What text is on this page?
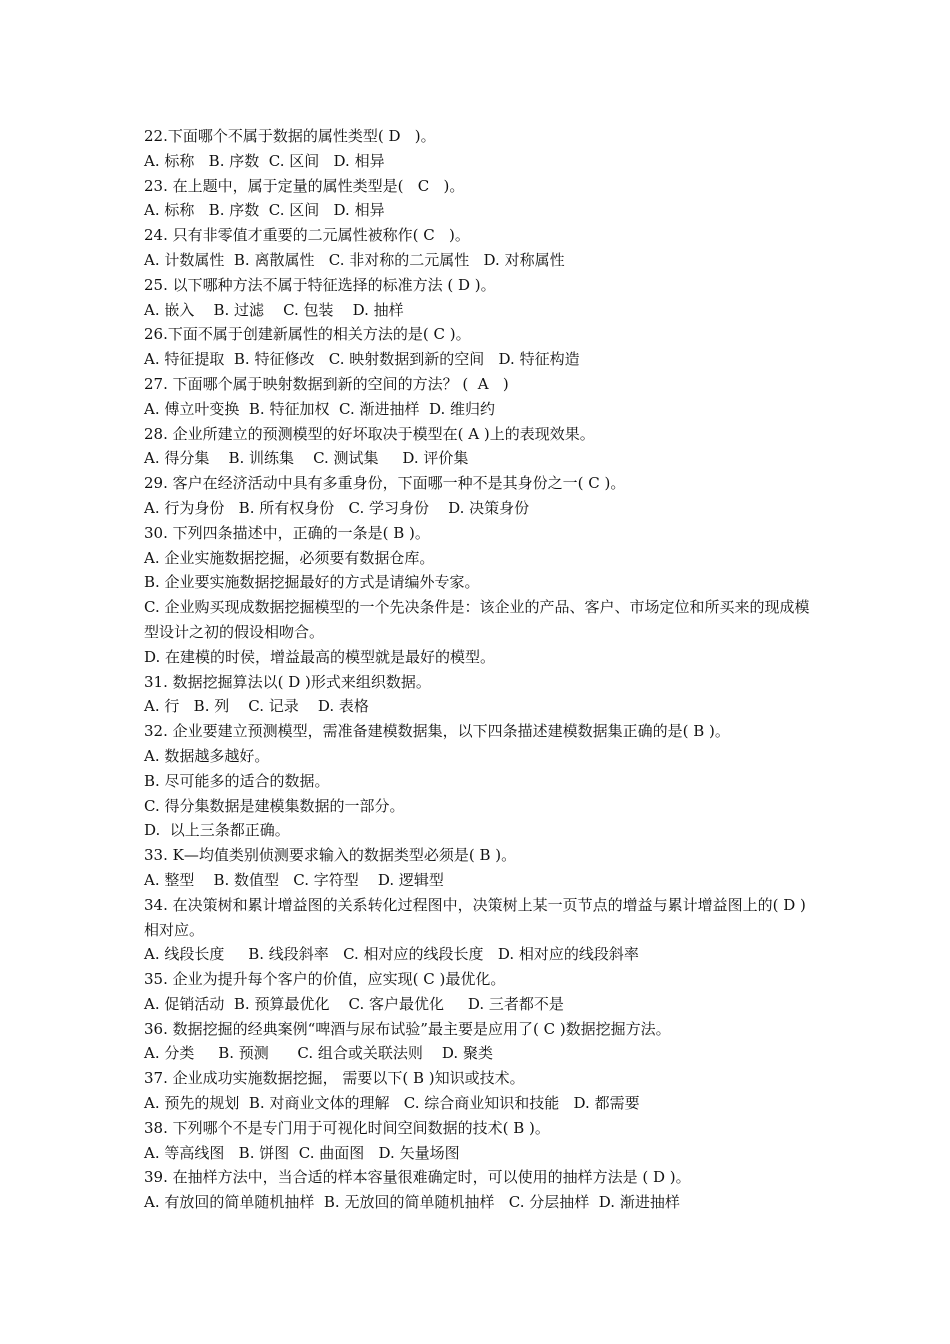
22.下面哪个不属于数据的属性类型( D   )。

A. 标称   B. 序数  C. 区间   D. 相异

23. 在上题中，属于定量的属性类型是(   C   )。

A. 标称   B. 序数  C. 区间   D. 相异

24. 只有非零值才重要的二元属性被称作( C   )。

A. 计数属性  B. 离散属性   C. 非对称的二元属性   D. 对称属性

25. 以下哪种方法不属于特征选择的标准方法 ( D )。

A. 嵌入    B. 过滤    C. 包装    D. 抽样

26.下面不属于创建新属性的相关方法的是( C )。

A. 特征提取  B. 特征修改   C. 映射数据到新的空间   D. 特征构造

27. 下面哪个属于映射数据到新的空间的方法？ (  A   )

A. 傅立叶变换  B. 特征加权  C. 渐进抽样  D. 维归约

28. 企业所建立的预测模型的好坏取决于模型在( A )上的表现效果。

A. 得分集    B. 训练集    C. 测试集     D. 评价集

29. 客户在经济活动中具有多重身份，下面哪一种不是其身份之一( C )。

A. 行为身份   B. 所有权身份   C. 学习身份    D. 决策身份

30. 下列四条描述中，正确的一条是( B )。

A. 企业实施数据挖掘，必须要有数据仓库。

B. 企业要实施数据挖掘最好的方式是请编外专家。

C. 企业购买现成数据挖掘模型的一个先决条件是：该企业的产品、客户、市场定位和所买来的现成模型设计之初的假设相吻合。

D. 在建模的时侯，增益最高的模型就是最好的模型。

31. 数据挖掘算法以( D )形式来组织数据。

A. 行   B. 列    C. 记录    D. 表格

32. 企业要建立预测模型，需准备建模数据集，以下四条描述建模数据集正确的是( B )。

A. 数据越多越好。

B. 尽可能多的适合的数据。

C. 得分集数据是建模集数据的一部分。

D.  以上三条都正确。

33. K—均值类别侦测要求输入的数据类型必须是( B )。

A. 整型    B. 数值型   C. 字符型    D. 逻辑型

34. 在决策树和累计增益图的关系转化过程图中，决策树上某一页节点的增益与累计增益图上的( D )相对应。

A. 线段长度     B. 线段斜率   C. 相对应的线段长度   D. 相对应的线段斜率

35. 企业为提升每个客户的价值，应实现( C )最优化。

A. 促销活动  B. 预算最优化    C. 客户最优化     D. 三者都不是

36. 数据挖掘的经典案例“啤酒与尿布试验”最主要是应用了( C )数据挖掘方法。

A. 分类     B. 预测      C. 组合或关联法则    D. 聚类

37. 企业成功实施数据挖掘， 需要以下( B )知识或技术。

A. 预先的规划  B. 对商业文体的理解   C. 综合商业知识和技能   D. 都需要

38. 下列哪个不是专门用于可视化时间空间数据的技术( B )。

A. 等高线图   B. 饼图  C. 曲面图   D. 矢量场图

39. 在抽样方法中，当合适的样本容量很难确定时，可以使用的抽样方法是 ( D )。

A. 有放回的简单随机抽样  B. 无放回的简单随机抽样   C. 分层抽样  D. 渐进抽样
